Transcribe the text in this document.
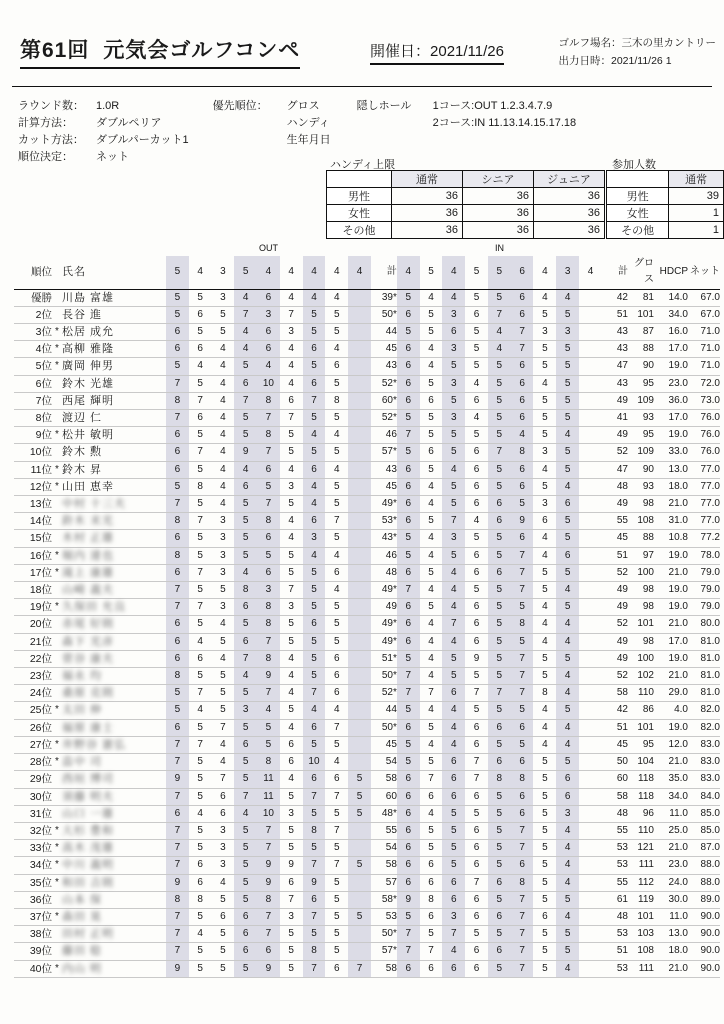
第61回 元気会ゴルフコンペ	開催日：2021/11/26	ゴルフ場名：三木の里カントリー
出力日時：2021/11/26 1
ラウンド数：	1.0R	優先順位：	グロス	隠しホール	1コース:OUT 1.2.3.4.7.9
計算方法：	ダブルペリア		ハンディ		2コース:IN 11.13.14.15.17.18
カット方法：	ダブルパーカット1		生年月日		
順位決定：	ネット				
ハンディ上限
	通常	シニア	ジュニア
男性	36	36	36
女性	36	36	36
その他	36	36	36
参加人数
	通常
男性	39
女性	1
その他	1
			OUT										IN												
順位		氏名	5	4	3	5	4	4	4	4	4	計	4	5	4	5	5	6	4	3	4	計	グロス	HDCP	ネット
優勝		川島 富雄	5	5	3	4	6	4	4	4		39*	5	4	4	5	5	6	4	4		42	81	14.0	67.0
2位		長谷 進	5	6	5	7	3	7	5	5		50*	6	5	3	6	7	6	5	5		51	101	34.0	67.0
3位	*	松居 成允	6	5	5	4	6	3	5	5		44	5	5	6	5	4	7	3	3		43	87	16.0	71.0
4位	*	高柳 雅隆	6	6	4	4	6	4	6	4		45	6	4	3	5	4	7	5	5		43	88	17.0	71.0
5位	*	廣岡 伸男	5	4	4	5	4	4	5	6		43	6	4	5	5	5	6	5	5		47	90	19.0	71.0
6位		鈴木 光雄	7	5	4	6	10	4	6	5		52*	6	5	3	4	5	6	4	5		43	95	23.0	72.0
7位		西尾 輝明	8	7	4	7	8	6	7	8		60*	6	6	5	6	5	6	5	5		49	109	36.0	73.0
8位		渡辺 仁	7	6	4	5	7	7	5	5		52*	5	5	3	4	5	6	5	5		41	93	17.0	76.0
9位	*	松井 敏明	6	5	4	5	8	5	4	4		46	7	5	5	5	5	4	5	4		49	95	19.0	76.0
10位		鈴木 勲	6	7	4	9	7	5	5	5		57*	5	6	5	6	7	8	3	5		52	109	33.0	76.0
11位	*	鈴木 昇	6	5	4	4	6	4	6	4		43	6	5	4	6	5	6	4	5		47	90	13.0	77.0
12位	*	山田 恵幸	5	8	4	6	5	3	4	5		45	6	4	5	6	5	6	5	4		48	93	18.0	77.0
13位		中村 十三夫	7	5	4	5	7	5	4	5		49*	6	4	5	6	6	5	3	6		49	98	21.0	77.0
14位		鈴木 末光	8	7	3	5	8	4	6	7		53*	6	5	7	4	6	9	6	5		55	108	31.0	77.0
15位		木村 正雄	6	5	3	5	6	4	3	5		43*	5	4	3	5	5	6	4	5		45	88	10.8	77.2
16位	*	堀内 達也	8	5	3	5	5	5	4	4		46	5	4	5	6	5	7	4	6		51	97	19.0	78.0
17位	*	滝上 康雄	6	7	3	4	6	5	5	6		48	6	5	4	6	6	7	5	5		52	100	21.0	79.0
18位		山崎 義夫	7	5	5	8	3	7	5	4		49*	7	4	4	5	5	7	5	4		49	98	19.0	79.0
19位	*	久保田 允良	7	7	3	6	8	3	5	5		49	6	5	4	6	5	5	4	5		49	98	19.0	79.0
20位		赤尾 好則	6	5	4	5	8	5	6	5		49*	6	4	7	6	5	8	4	4		52	101	21.0	80.0
21位		森下 光彦	6	4	5	6	7	5	5	5		49*	6	4	4	6	5	5	4	4		49	98	17.0	81.0
22位		菅谷 康夫	6	6	4	7	8	4	5	6		51*	5	4	5	9	5	7	5	5		49	100	19.0	81.0
23位		福永 均	8	5	5	4	9	4	5	6		50*	7	4	5	5	5	7	5	4		52	102	21.0	81.0
24位		桑原 克則	5	7	5	5	7	4	7	6		52*	7	7	6	7	7	7	8	4		58	110	29.0	81.0
25位	*	太田 伸	5	4	5	3	4	5	4	4		44	5	4	4	5	5	5	4	5		42	86	4.0	82.0
26位		福原 康士	6	5	7	5	5	4	6	7		50*	6	5	4	6	6	6	4	4		51	101	19.0	82.0
27位	*	井野谷 憲弘	7	7	4	6	5	6	5	5		45	5	4	4	6	5	5	4	4		45	95	12.0	83.0
28位	*	畠中 司	7	5	4	5	8	6	10	4		54	5	5	6	7	6	6	5	5		50	104	21.0	83.0
29位		西垣 博司	9	5	7	5	11	4	6	6	5	58	6	7	6	7	8	8	5	6		60	118	35.0	83.0
30位		須藤 明夫	7	5	6	7	11	5	7	7	5	60	6	6	6	6	5	6	5	6		58	118	34.0	84.0
31位		山口 一雄	6	4	6	4	10	3	5	5	5	48*	6	4	5	5	5	6	5	3		48	96	11.0	85.0
32位	*	大杉 豊和	7	5	3	5	7	5	8	7		55	6	5	5	6	5	7	5	4		55	110	25.0	85.0
33位	*	高木 茂雄	7	5	3	5	7	5	5	5		54	6	5	5	6	5	7	5	4		53	121	21.0	87.0
34位	*	中川 義明	7	6	3	5	9	9	7	7	5	58	6	6	5	6	5	6	5	4		53	111	23.0	88.0
35位	*	和田 吉則	9	6	4	5	9	6	9	5		57	6	6	6	7	6	8	5	4		55	112	24.0	88.0
36位		山本 保	8	8	5	5	8	7	6	5		58*	9	8	6	6	5	7	5	5		61	119	30.0	89.0
37位	*	森田 晃	7	5	6	6	7	3	7	5	5	53	5	6	3	6	6	7	6	4		48	101	11.0	90.0
38位		田村 正明	7	4	5	6	7	5	5	5		50*	7	5	7	5	5	7	5	5		53	103	13.0	90.0
39位		藤田 稔	7	5	5	6	6	5	8	5		57*	7	7	4	6	6	7	5	5		51	108	18.0	90.0
40位	*	内山 明	9	5	5	5	9	5	7	6	7	58	6	6	6	6	5	7	5	4		53	111	21.0	90.0
